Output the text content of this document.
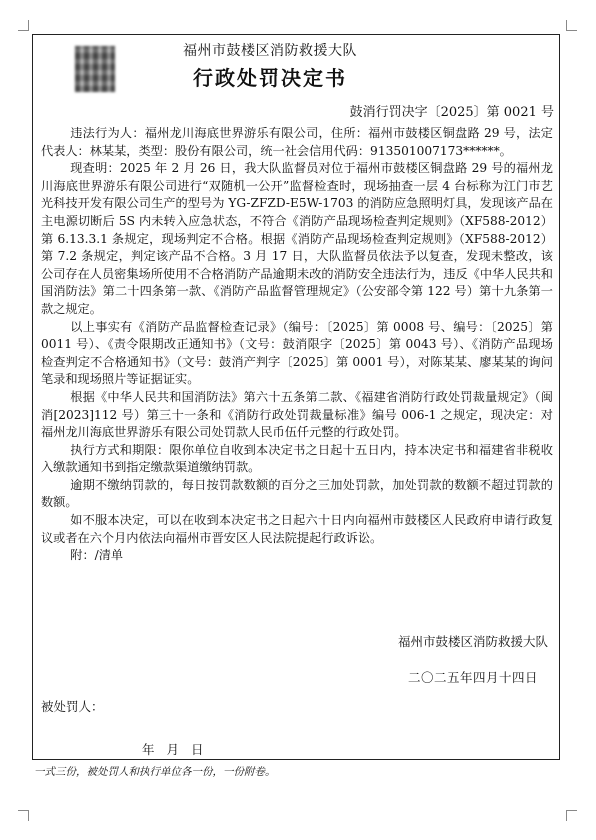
福州市鼓楼区消防救援大队
行政处罚决定书
鼓消行罚决字〔2025〕第 0021 号

违法行为人：福州龙川海底世界游乐有限公司，住所：福州市鼓楼区铜盘路 29 号，法定代表人：林某某，类型：股份有限公司，统一社会信用代码：913501007173******。

现查明：2025 年 2 月 26 日，我大队监督员对位于福州市鼓楼区铜盘路 29 号的福州龙川海底世界游乐有限公司进行“双随机一公开”监督检查时，现场抽查一层 4 台标称为江门市艺光科技开发有限公司生产的型号为 YG-ZFZD-E5W-1703 的消防应急照明灯具，发现该产品在主电源切断后 5S 内未转入应急状态，不符合《消防产品现场检查判定规则》（XF588-2012）第 6.13.3.1 条规定，现场判定不合格。根据《消防产品现场检查判定规则》（XF588-2012）第 7.2 条规定，判定该产品不合格。3 月 17 日，大队监督员依法予以复查，发现未整改，该公司存在人员密集场所使用不合格消防产品逾期未改的消防安全违法行为，违反《中华人民共和国消防法》第二十四条第一款、《消防产品监督管理规定》（公安部令第 122 号）第十九条第一款之规定。

以上事实有《消防产品监督检查记录》（编号：〔2025〕第 0008 号、编号：〔2025〕第 0011 号）、《责令限期改正通知书》（文号：鼓消限字〔2025〕第 0043 号）、《消防产品现场检查判定不合格通知书》（文号：鼓消产判字〔2025〕第 0001 号），对陈某某、廖某某的询问笔录和现场照片等证据证实。

根据《中华人民共和国消防法》第六十五条第二款、《福建省消防行政处罚裁量规定》（闽消[2023]112 号）第三十一条和《消防行政处罚裁量标准》编号 006-1 之规定，现决定：对福州龙川海底世界游乐有限公司处罚款人民币伍仟元整的行政处罚。

执行方式和期限：限你单位自收到本决定书之日起十五日内，持本决定书和福建省非税收入缴款通知书到指定缴款渠道缴纳罚款。

逾期不缴纳罚款的，每日按罚款数额的百分之三加处罚款，加处罚款的数额不超过罚款的数额。

如不服本决定，可以在收到本决定书之日起六十日内向福州市鼓楼区人民政府申请行政复议或者在六个月内依法向福州市晋安区人民法院提起行政诉讼。

附：/清单

福州市鼓楼区消防救援大队
二〇二五年四月十四日
被处罚人：
年 月 日
一式三份，被处罚人和执行单位各一份，一份附卷。
